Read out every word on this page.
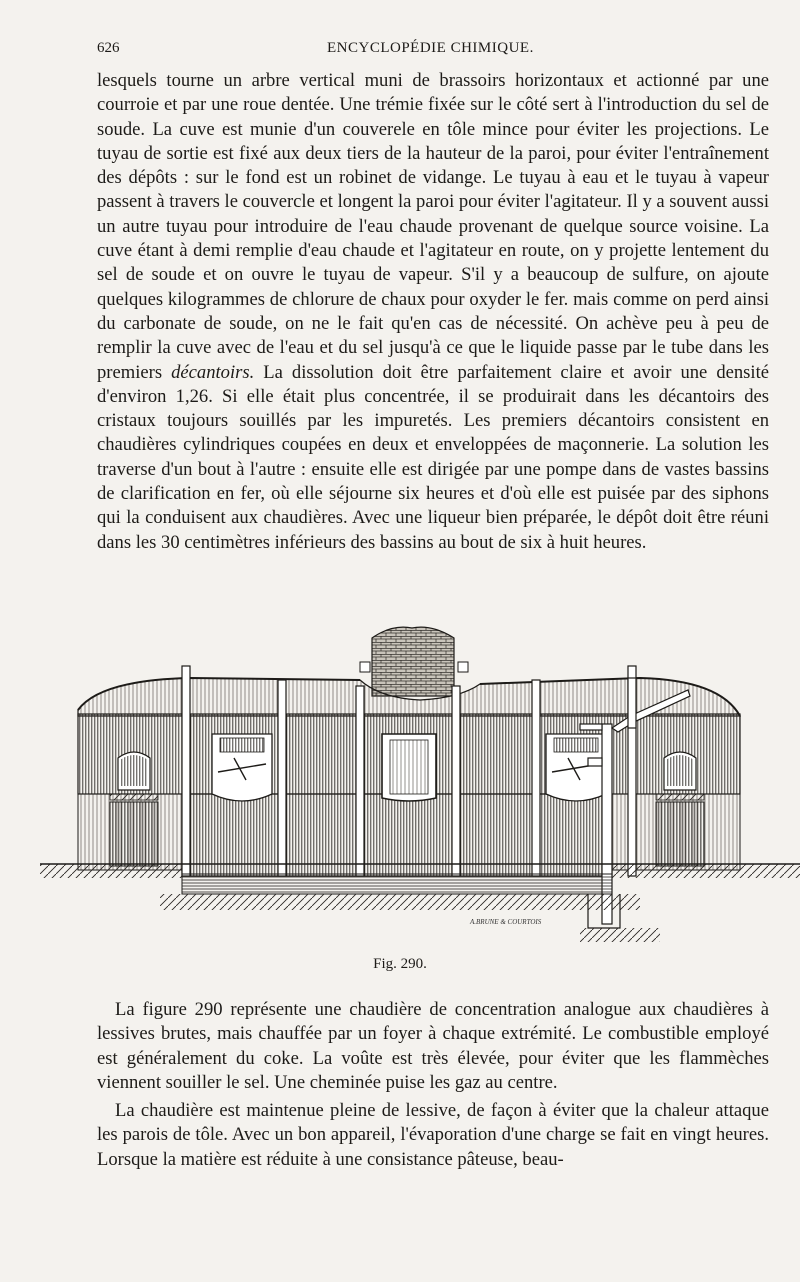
626	ENCYCLOPÉDIE CHIMIQUE.

lesquels tourne un arbre vertical muni de brassoirs horizontaux et actionné par une courroie et par une roue dentée. Une trémie fixée sur le côté sert à l'introduction du sel de soude. La cuve est munie d'un couverele en tôle mince pour éviter les projections. Le tuyau de sortie est fixé aux deux tiers de la hauteur de la paroi, pour éviter l'entraînement des dépôts : sur le fond est un robinet de vidange. Le tuyau à eau et le tuyau à vapeur passent à travers le couvercle et longent la paroi pour éviter l'agitateur. Il y a souvent aussi un autre tuyau pour introduire de l'eau chaude provenant de quelque source voisine. La cuve étant à demi remplie d'eau chaude et l'agitateur en route, on y projette lentement du sel de soude et on ouvre le tuyau de vapeur. S'il y a beaucoup de sulfure, on ajoute quelques kilogrammes de chlorure de chaux pour oxyder le fer. mais comme on perd ainsi du carbonate de soude, on ne le fait qu'en cas de nécessité. On achève peu à peu de remplir la cuve avec de l'eau et du sel jusqu'à ce que le liquide passe par le tube dans les premiers décantoirs. La dissolution doit être parfaitement claire et avoir une densité d'environ 1,26. Si elle était plus concentrée, il se produirait dans les décantoirs des cristaux toujours souillés par les impuretés. Les premiers décantoirs consistent en chaudières cylindriques coupées en deux et enveloppées de maçonnerie. La solution les traverse d'un bout à l'autre : ensuite elle est dirigée par une pompe dans de vastes bassins de clarification en fer, où elle séjourne six heures et d'où elle est puisée par des siphons qui la conduisent aux chaudières. Avec une liqueur bien préparée, le dépôt doit être réuni dans les 30 centimètres inférieurs des bassins au bout de six à huit heures.

A.BRUNE & COURTOIS
Fig. 290.

La figure 290 représente une chaudière de concentration analogue aux chaudières à lessives brutes, mais chauffée par un foyer à chaque extrémité. Le combustible employé est généralement du coke. La voûte est très élevée, pour éviter que les flammèches viennent souiller le sel. Une cheminée puise les gaz au centre.

La chaudière est maintenue pleine de lessive, de façon à éviter que la chaleur attaque les parois de tôle. Avec un bon appareil, l'évaporation d'une charge se fait en vingt heures. Lorsque la matière est réduite à une consistance pâteuse, beau-
